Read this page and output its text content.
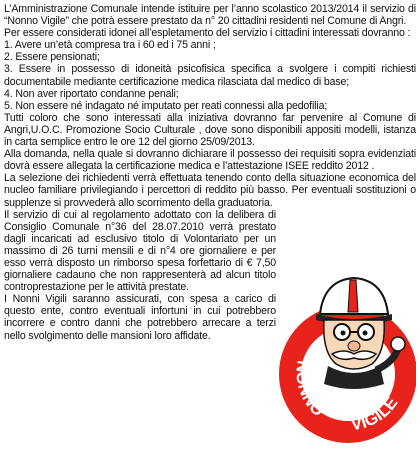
L’Amministrazione Comunale intende istituire per l’anno scolastico 2013/2014 il servizio di “Nonno Vigile” che potrà essere prestato da n° 20 cittadini residenti nel Comune di Angri.

Per essere considerati idonei all’espletamento del servizio i cittadini interessati dovranno :

1. Avere un’età compresa tra i 60 ed i 75 anni ;

2. Essere pensionati;

3. Essere in possesso di idoneità psicofisica specifica a svolgere i compiti richiesti documentabile mediante certificazione medica rilasciata dal medico di base;

4. Non aver riportato condanne penali;

5. Non essere né indagato né imputato per reati connessi alla pedofilia;

Tutti coloro che sono interessati alla iniziativa dovranno far pervenire al Comune di Angri,U.O.C. Promozione Socio Culturale , dove sono disponibili appositi modelli, istanza in carta semplice entro le ore 12 del giorno 25/09/2013.

Alla domanda, nella quale si dovranno dichiarare il possesso dei requisiti sopra evidenziati dovrà essere allegata la certificazione medica e l’attestazione ISEE reddito 2012 .

La selezione dei richiedenti verrà effettuata tenendo conto della situazione economica del nucleo familiare privilegiando i percettori di reddito più basso. Per eventuali sostituzioni o supplenze si provvederà allo scorrimento della graduatoria.

Il servizio di cui al regolamento adottato con la delibera di Consiglio Comunale n°36 del 28.07.2010 verrà prestato dagli incaricati ad esclusivo titolo di Volontariato per un massimo di 26 turni mensili e di n°4 ore giornaliere e per esso verrà disposto un rimborso spesa forfettario di € 7,50 giornaliere cadauno che non rappresenterà ad alcun titolo controprestazione per le attività prestate.

I Nonni Vigili saranno assicurati, con spesa a carico di questo ente, contro eventuali infortuni in cui potrebbero incorrere e contro danni che potrebbero arrecare a terzi nello svolgimento delle mansioni loro affidate.

NONNO
VIGILE
